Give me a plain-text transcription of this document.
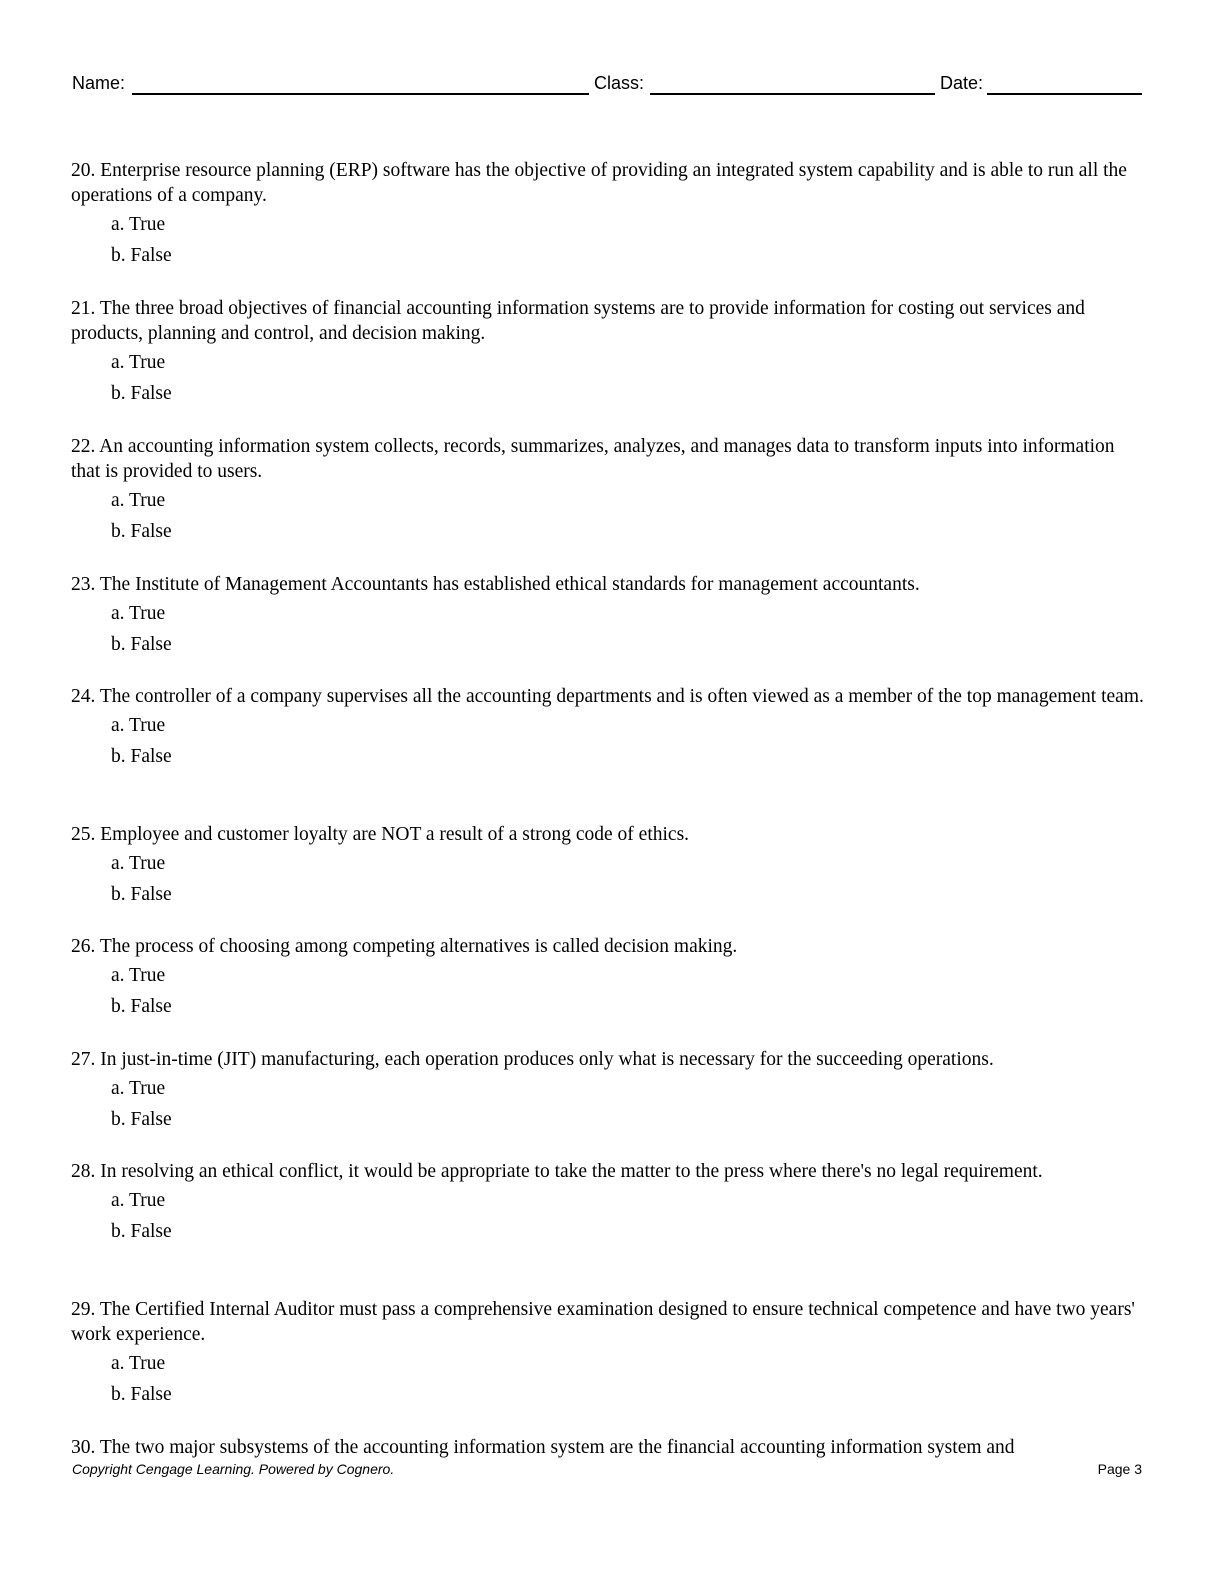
Name:	Class:	Date:

20. Enterprise resource planning (ERP) software has the objective of providing an integrated system capability and is able to run all the operations of a company.

a. True
b. False

21. The three broad objectives of financial accounting information systems are to provide information for costing out services and products, planning and control, and decision making.

a. True
b. False

22. An accounting information system collects, records, summarizes, analyzes, and manages data to transform inputs into information that is provided to users.

a. True
b. False

23. The Institute of Management Accountants has established ethical standards for management accountants.

a. True
b. False

24. The controller of a company supervises all the accounting departments and is often viewed as a member of the top management team.

a. True
b. False

25. Employee and customer loyalty are NOT a result of a strong code of ethics.

a. True
b. False

26. The process of choosing among competing alternatives is called decision making.

a. True
b. False

27. In just-in-time (JIT) manufacturing, each operation produces only what is necessary for the succeeding operations.

a. True
b. False

28. In resolving an ethical conflict, it would be appropriate to take the matter to the press where there's no legal requirement.

a. True
b. False

29. The Certified Internal Auditor must pass a comprehensive examination designed to ensure technical competence and have two years' work experience.

a. True
b. False

30. The two major subsystems of the accounting information system are the financial accounting information system and

Copyright Cengage Learning. Powered by Cognero.	Page 3
